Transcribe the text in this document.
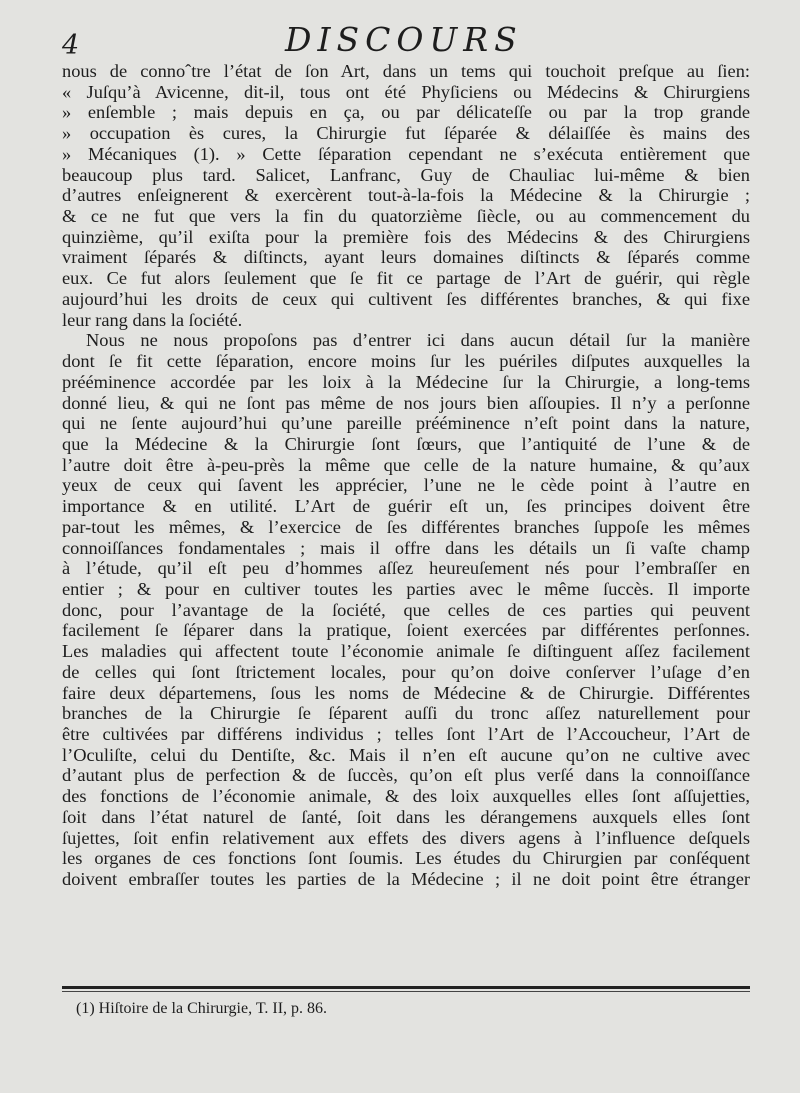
4	DISCOURS
nous de connoˆtre l’état de ſon Art, dans un tems qui touchoit preſque au ſien:
« Juſqu’à Avicenne, dit-il, tous ont été Phyſiciens ou Médecins & Chirurgiens
» enſemble ; mais depuis en ça, ou par délicateſſe ou par la trop grande
» occupation ès cures, la Chirurgie fut ſéparée & délaiſſée ès mains des
» Mécaniques (1). » Cette ſéparation cependant ne s’exécuta entièrement que
beaucoup plus tard. Salicet, Lanfranc, Guy de Chauliac lui-même & bien
d’autres enſeignerent & exercèrent tout-à-la-fois la Médecine & la Chirurgie ;
& ce ne fut que vers la fin du quatorzième ſiècle, ou au commencement du
quinzième, qu’il exiſta pour la première fois des Médecins & des Chirurgiens
vraiment ſéparés & diſtincts, ayant leurs domaines diſtincts & ſéparés comme
eux. Ce fut alors ſeulement que ſe fit ce partage de l’Art de guérir, qui règle
aujourd’hui les droits de ceux qui cultivent ſes différentes branches, & qui fixe
leur rang dans la ſociété.
Nous ne nous propoſons pas d’entrer ici dans aucun détail ſur la manière
dont ſe fit cette ſéparation, encore moins ſur les puériles diſputes auxquelles la
prééminence accordée par les loix à la Médecine ſur la Chirurgie, a long-tems
donné lieu, & qui ne ſont pas même de nos jours bien aſſoupies. Il n’y a perſonne
qui ne ſente aujourd’hui qu’une pareille prééminence n’eſt point dans la nature,
que la Médecine & la Chirurgie ſont ſœurs, que l’antiquité de l’une & de
l’autre doit être à-peu-près la même que celle de la nature humaine, & qu’aux
yeux de ceux qui ſavent les apprécier, l’une ne le cède point à l’autre en
importance & en utilité. L’Art de guérir eſt un, ſes principes doivent être
par-tout les mêmes, & l’exercice de ſes différentes branches ſuppoſe les mêmes
connoiſſances fondamentales ; mais il offre dans les détails un ſi vaſte champ
à l’étude, qu’il eſt peu d’hommes aſſez heureuſement nés pour l’embraſſer en
entier ; & pour en cultiver toutes les parties avec le même ſuccès. Il importe
donc, pour l’avantage de la ſociété, que celles de ces parties qui peuvent
facilement ſe ſéparer dans la pratique, ſoient exercées par différentes perſonnes.
Les maladies qui affectent toute l’économie animale ſe diſtinguent aſſez facilement
de celles qui ſont ſtrictement locales, pour qu’on doive conſerver l’uſage d’en
faire deux départemens, ſous les noms de Médecine & de Chirurgie. Différentes
branches de la Chirurgie ſe ſéparent auſſi du tronc aſſez naturellement pour
être cultivées par différens individus ; telles ſont l’Art de l’Accoucheur, l’Art de
l’Oculiſte, celui du Dentiſte, &c. Mais il n’en eſt aucune qu’on ne cultive avec
d’autant plus de perfection & de ſuccès, qu’on eſt plus verſé dans la connoiſſance
des fonctions de l’économie animale, & des loix auxquelles elles ſont aſſujetties,
ſoit dans l’état naturel de ſanté, ſoit dans les dérangemens auxquels elles ſont
ſujettes, ſoit enfin relativement aux effets des divers agens à l’influence deſquels
les organes de ces fonctions ſont ſoumis. Les études du Chirurgien par conſéquent
doivent embraſſer toutes les parties de la Médecine ; il ne doit point être étranger
(1) Hiſtoire de la Chirurgie, T. II, p. 86.
